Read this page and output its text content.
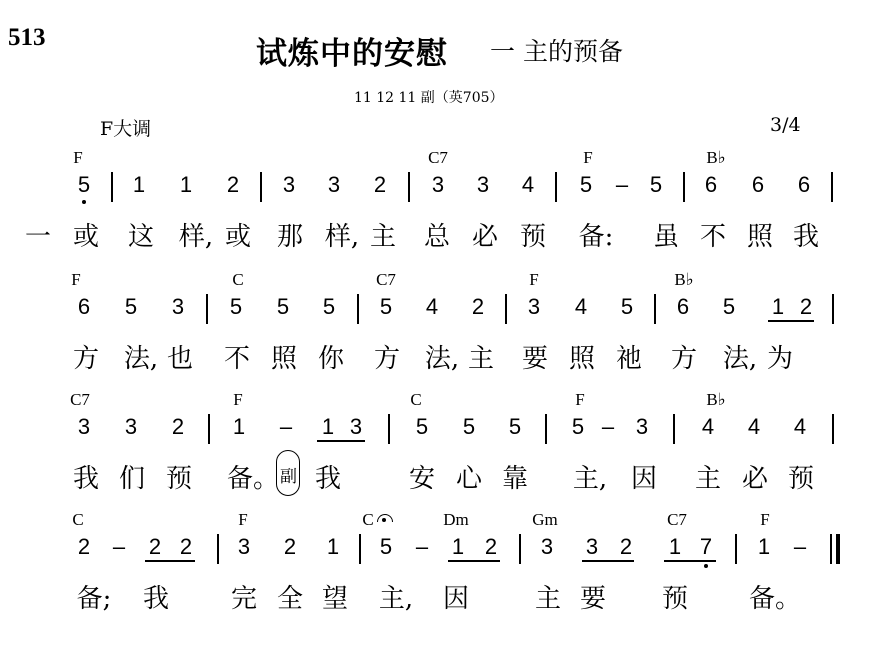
513	试炼中的安慰 一 主的预备
11 12 11 副（英705）
F大调	3/4
F	C7	F	B♭
5 1 1 2 3 3 2 3 3 4 5 – 5 6 6 6
一 或 这 样, 或 那 样, 主 总 必 预 备: 虽 不 照 我
F	C	C7	F	B♭
6 5 3 5 5 5 5 4 2 3 4 5 6 5 1 2
方 法, 也 不 照 你 方 法, 主 要 照 祂 方 法, 为
C7	F	C	F	B♭
3 3 2 1 – 1 3 5 5 5 5 – 3 4 4 4
我 们 预 备。 副 我	安 心 靠 主, 因 主 必 预
C	F	C	Dm	Gm	C7	F
2 – 2 2 3 2 1 5 – 1 2 3 3 2 1 7 1 –
备; 我 完 全 望 主, 因	主 要 预 备。
